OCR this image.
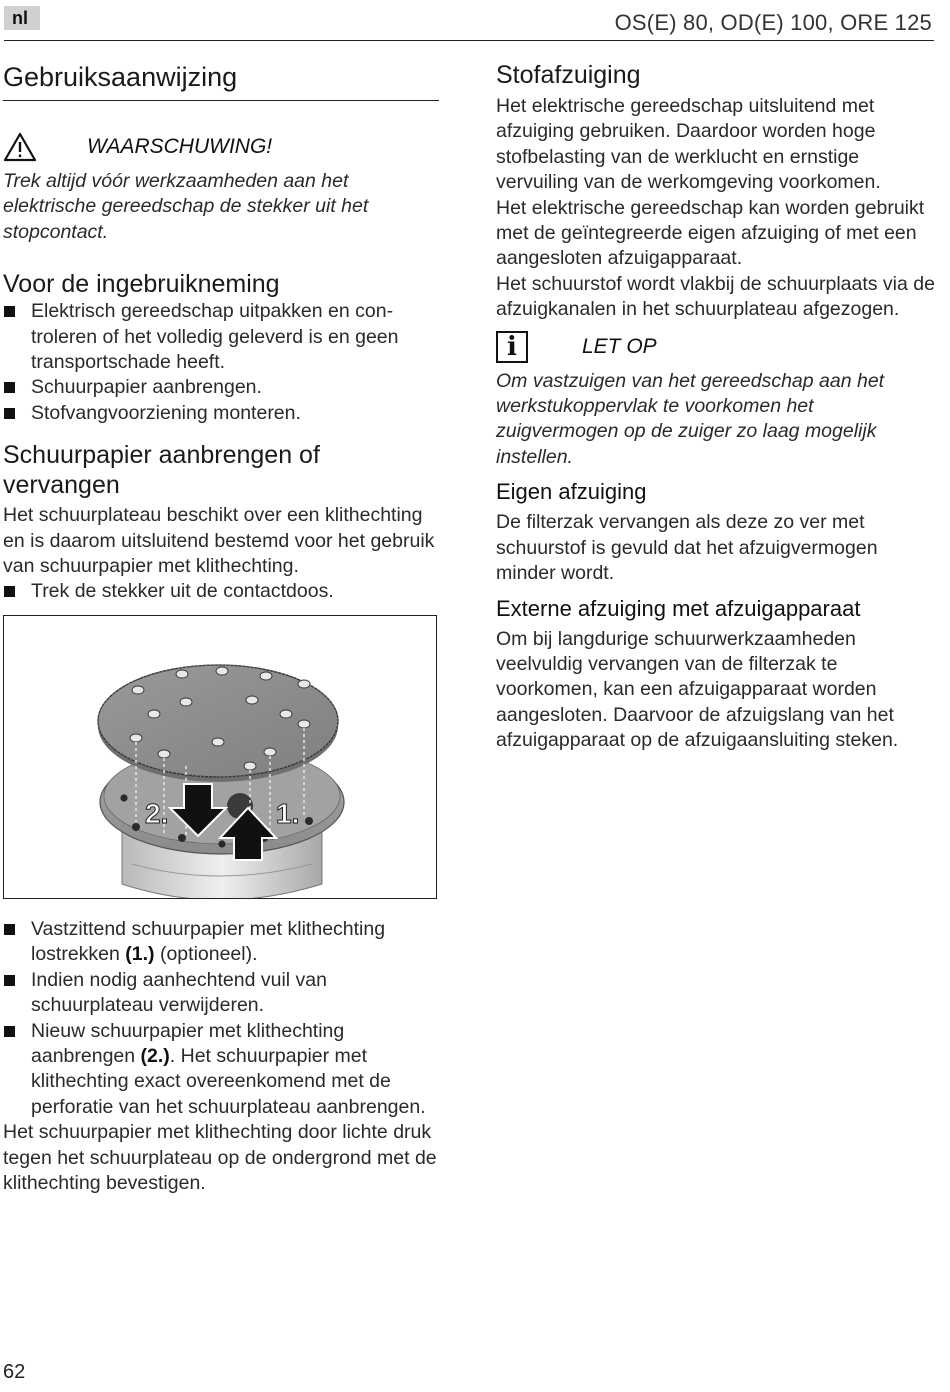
nl	OS(E) 80, OD(E) 100, ORE 125
Gebruiksaanwijzing
WAARSCHUWING!

Trek altijd vóór werkzaamheden aan het elektrische gereedschap de stekker uit het stopcontact.

Voor de ingebruikneming
Elektrisch gereedschap uitpakken en controleren of het volledig geleverd is en geen transportschade heeft.
Schuurpapier aanbrengen.
Stofvangvoorziening monteren.
Schuurpapier aanbrengen of vervangen

Het schuurplateau beschikt over een klithechting en is daarom uitsluitend bestemd voor het gebruik van schuurpapier met klithechting.

Trek de stekker uit de contactdoos.
2.	1.
Vastzittend schuurpapier met klithechting lostrekken (1.) (optioneel).
Indien nodig aanhechtend vuil van schuurplateau verwijderen.
Nieuw schuurpapier met klithechting aanbrengen (2.). Het schuurpapier met klithechting exact overeenkomend met de perforatie van het schuurplateau aanbrengen.

Het schuurpapier met klithechting door lichte druk tegen het schuurplateau op de ondergrond met de klithechting bevestigen.

Stofafzuiging

Het elektrische gereedschap uitsluitend met afzuiging gebruiken. Daardoor worden hoge stofbelasting van de werklucht en ernstige vervuiling van de werkomgeving voorkomen.

Het elektrische gereedschap kan worden gebruikt met de geïntegreerde eigen afzuiging of met een aangesloten afzuigapparaat.

Het schuurstof wordt vlakbij de schuurplaats via de afzuigkanalen in het schuurplateau afgezogen.

i	LET OP

Om vastzuigen van het gereedschap aan het werkstukoppervlak te voorkomen het zuigvermogen op de zuiger zo laag mogelijk instellen.

Eigen afzuiging

De filterzak vervangen als deze zo ver met schuurstof is gevuld dat het afzuigvermogen minder wordt.

Externe afzuiging met afzuigapparaat

Om bij langdurige schuurwerkzaamheden veelvuldig vervangen van de filterzak te voorkomen, kan een afzuigapparaat worden aangesloten. Daarvoor de afzuigslang van het afzuigapparaat op de afzuigaansluiting steken.

62
